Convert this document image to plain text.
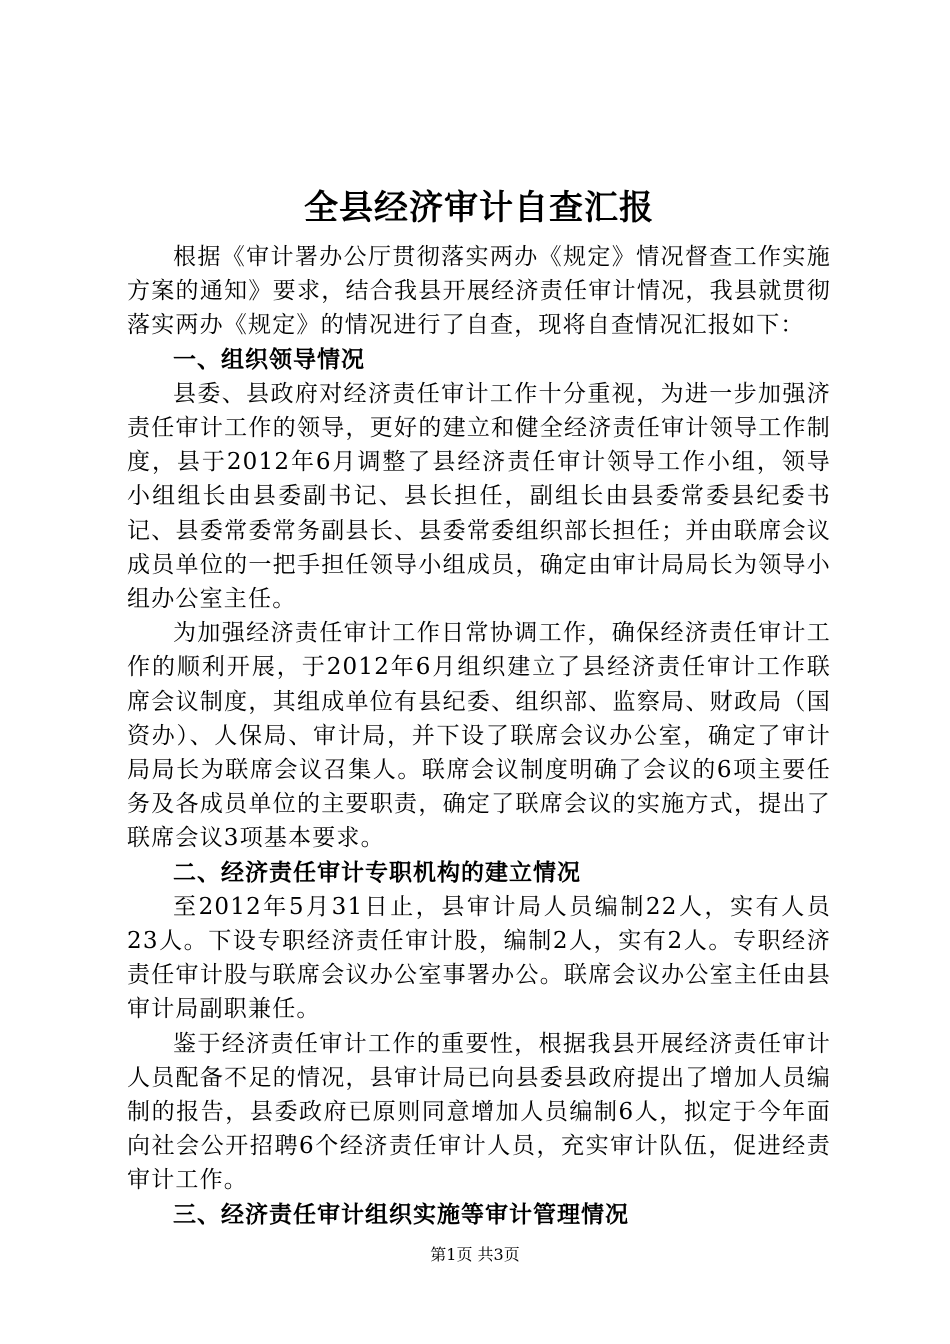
全县经济审计自查汇报

根据《审计署办公厅贯彻落实两办《规定》情况督查工作实施方案的通知》要求，结合我县开展经济责任审计情况，我县就贯彻落实两办《规定》的情况进行了自查，现将自查情况汇报如下：

一、组织领导情况

县委、县政府对经济责任审计工作十分重视，为进一步加强济责任审计工作的领导，更好的建立和健全经济责任审计领导工作制度，县于2012年6月调整了县经济责任审计领导工作小组，领导小组组长由县委副书记、县长担任，副组长由县委常委县纪委书记、县委常委常务副县长、县委常委组织部长担任；并由联席会议成员单位的一把手担任领导小组成员，确定由审计局局长为领导小组办公室主任。

为加强经济责任审计工作日常协调工作，确保经济责任审计工作的顺利开展，于2012年6月组织建立了县经济责任审计工作联席会议制度，其组成单位有县纪委、组织部、监察局、财政局（国资办）、人保局、审计局，并下设了联席会议办公室，确定了审计局局长为联席会议召集人。联席会议制度明确了会议的6项主要任务及各成员单位的主要职责，确定了联席会议的实施方式，提出了联席会议3项基本要求。

二、经济责任审计专职机构的建立情况

至2012年5月31日止，县审计局人员编制22人，实有人员23人。下设专职经济责任审计股，编制2人，实有2人。专职经济责任审计股与联席会议办公室事署办公。联席会议办公室主任由县审计局副职兼任。

鉴于经济责任审计工作的重要性，根据我县开展经济责任审计人员配备不足的情况，县审计局已向县委县政府提出了增加人员编制的报告，县委政府已原则同意增加人员编制6人，拟定于今年面向社会公开招聘6个经济责任审计人员，充实审计队伍，促进经责审计工作。

三、经济责任审计组织实施等审计管理情况

第1页 共3页
